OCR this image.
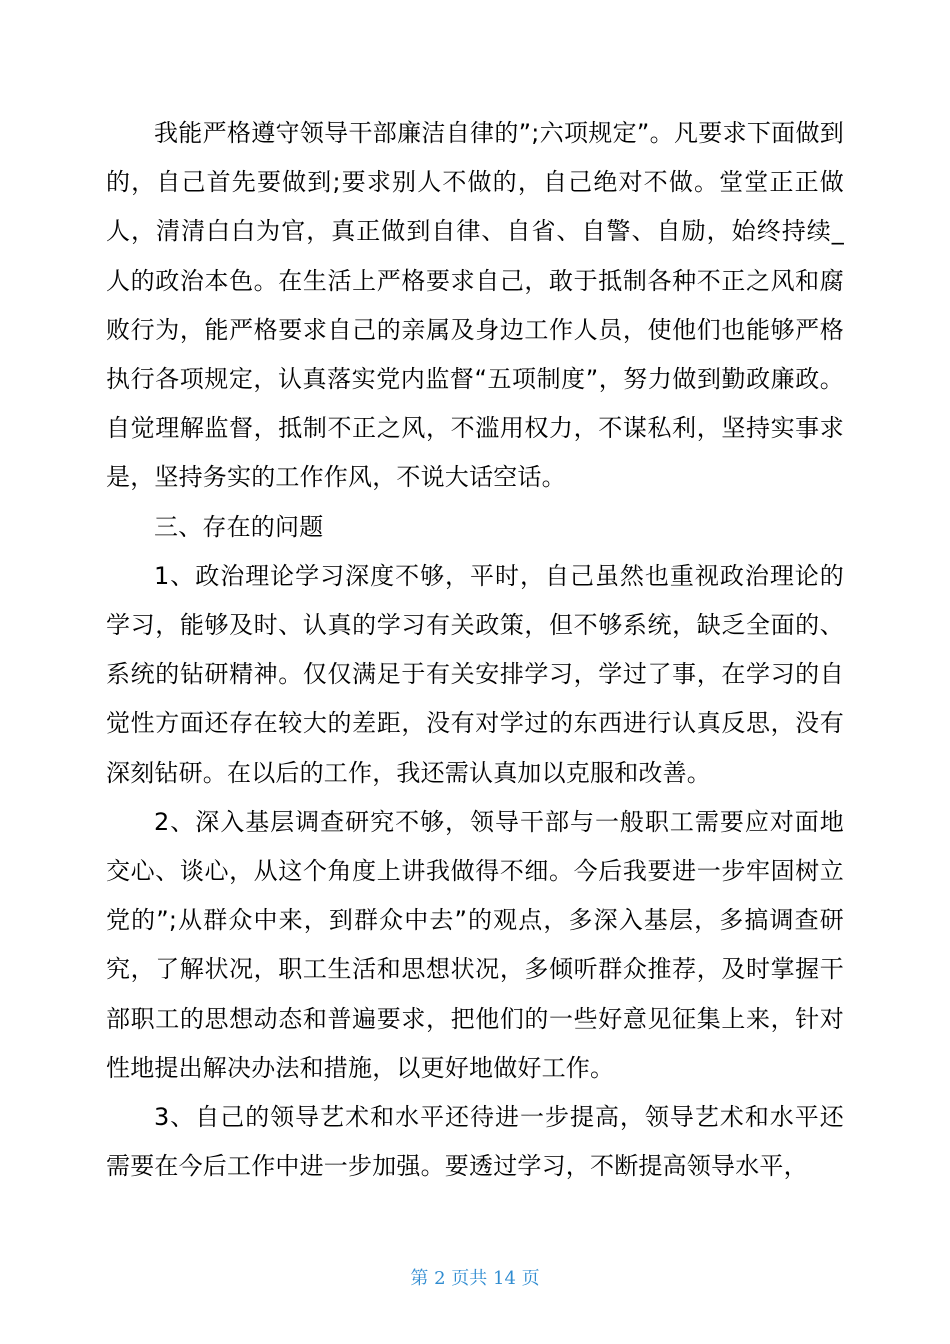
我能严格遵守领导干部廉洁自律的”;六项规定”。凡要求下面做到的，自己首先要做到;要求别人不做的，自己绝对不做。堂堂正正做人，清清白白为官，真正做到自律、自省、自警、自励，始终持续_人的政治本色。在生活上严格要求自己，敢于抵制各种不正之风和腐败行为，能严格要求自己的亲属及身边工作人员，使他们也能够严格执行各项规定，认真落实党内监督“五项制度”，努力做到勤政廉政。自觉理解监督，抵制不正之风，不滥用权力，不谋私利，坚持实事求是，坚持务实的工作作风，不说大话空话。

三、存在的问题

1、政治理论学习深度不够，平时，自己虽然也重视政治理论的学习，能够及时、认真的学习有关政策，但不够系统，缺乏全面的、系统的钻研精神。仅仅满足于有关安排学习，学过了事，在学习的自觉性方面还存在较大的差距，没有对学过的东西进行认真反思，没有深刻钻研。在以后的工作，我还需认真加以克服和改善。

2、深入基层调查研究不够，领导干部与一般职工需要应对面地交心、谈心，从这个角度上讲我做得不细。今后我要进一步牢固树立党的”;从群众中来，到群众中去”的观点，多深入基层，多搞调查研究，了解状况，职工生活和思想状况，多倾听群众推荐，及时掌握干部职工的思想动态和普遍要求，把他们的一些好意见征集上来，针对性地提出解决办法和措施，以更好地做好工作。

3、自己的领导艺术和水平还待进一步提高，领导艺术和水平还需要在今后工作中进一步加强。要透过学习，不断提高领导水平，

第 2 页共 14 页
